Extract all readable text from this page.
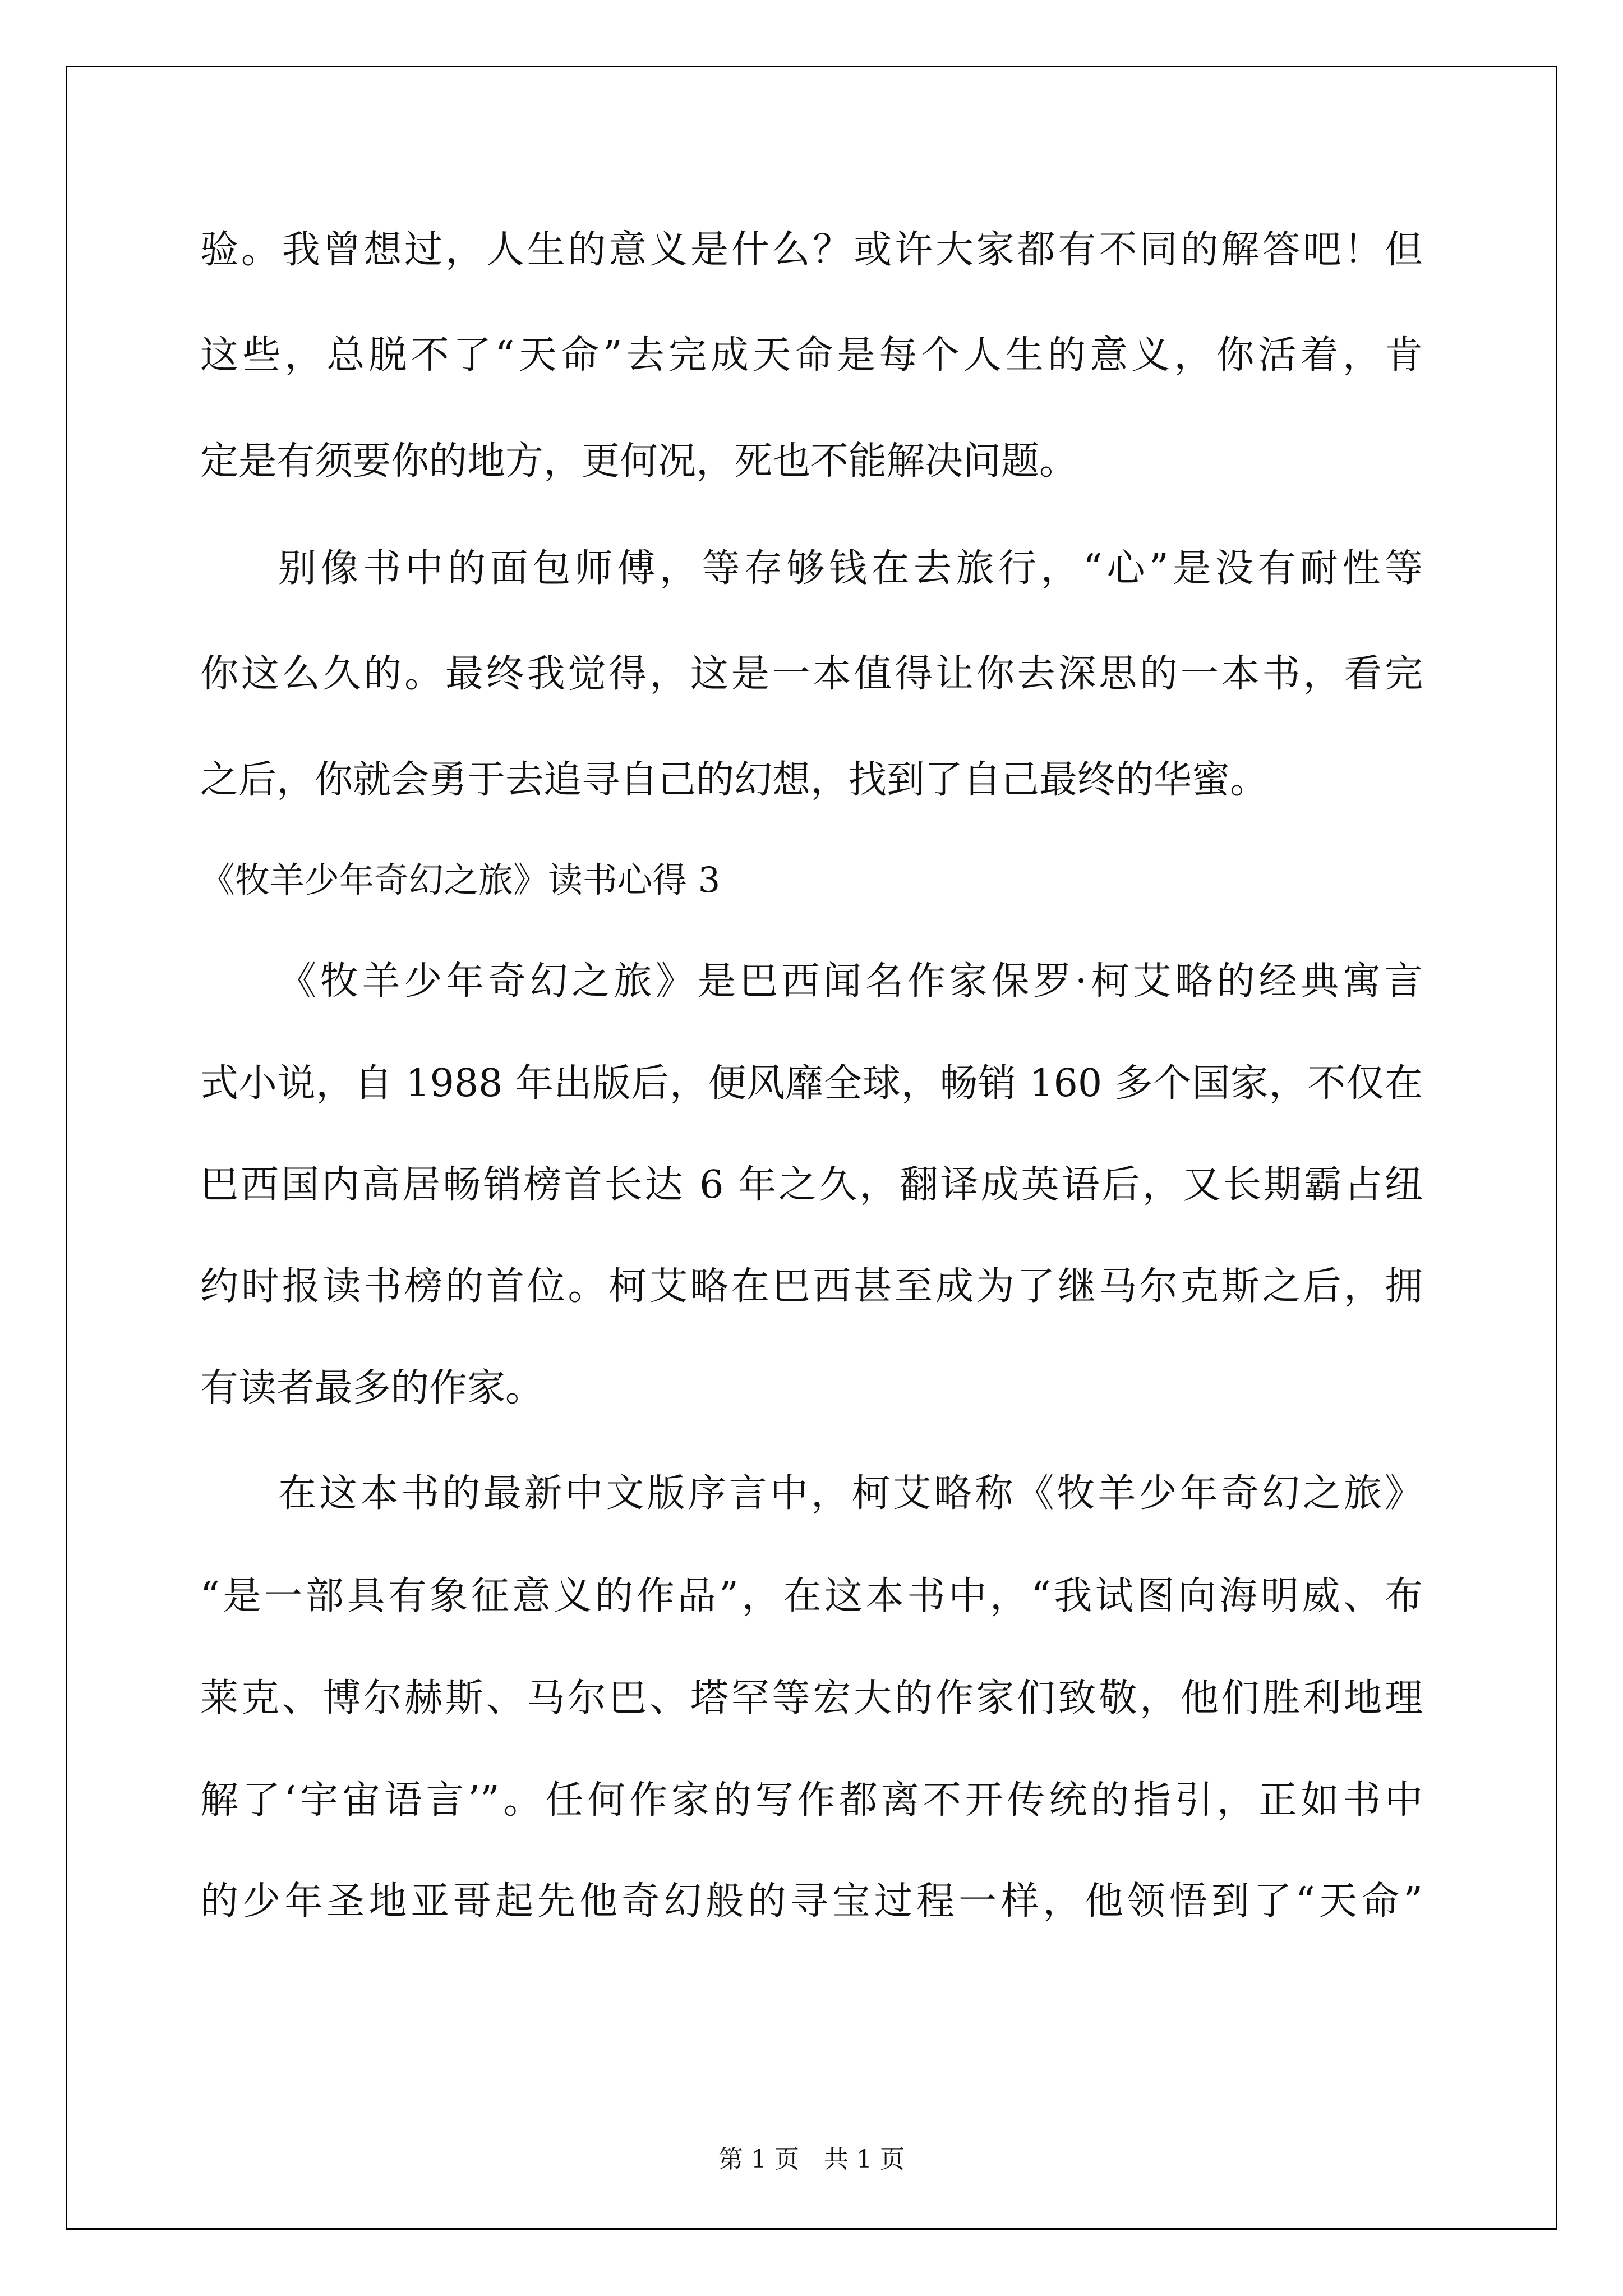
验。我曾想过，人生的意义是什么？或许大家都有不同的解答吧！但
这些，总脱不了“天命”去完成天命是每个人生的意义，你活着，肯
定是有须要你的地方，更何况，死也不能解决问题。
别像书中的面包师傅，等存够钱在去旅行，“心”是没有耐性等
你这么久的。最终我觉得，这是一本值得让你去深思的一本书，看完
之后，你就会勇于去追寻自己的幻想，找到了自己最终的华蜜。
《牧羊少年奇幻之旅》读书心得 3
《牧羊少年奇幻之旅》是巴西闻名作家保罗·柯艾略的经典寓言
式小说，自 1988 年出版后，便风靡全球，畅销 160 多个国家，不仅在
巴西国内高居畅销榜首长达 6 年之久，翻译成英语后，又长期霸占纽
约时报读书榜的首位。柯艾略在巴西甚至成为了继马尔克斯之后，拥
有读者最多的作家。
在这本书的最新中文版序言中，柯艾略称《牧羊少年奇幻之旅》
“是一部具有象征意义的作品”，在这本书中，“我试图向海明威、布
莱克、博尔赫斯、马尔巴、塔罕等宏大的作家们致敬，他们胜利地理
解了‘宇宙语言’”。任何作家的写作都离不开传统的指引，正如书中
的少年圣地亚哥起先他奇幻般的寻宝过程一样，他领悟到了“天命”
第 1 页　共 1 页
